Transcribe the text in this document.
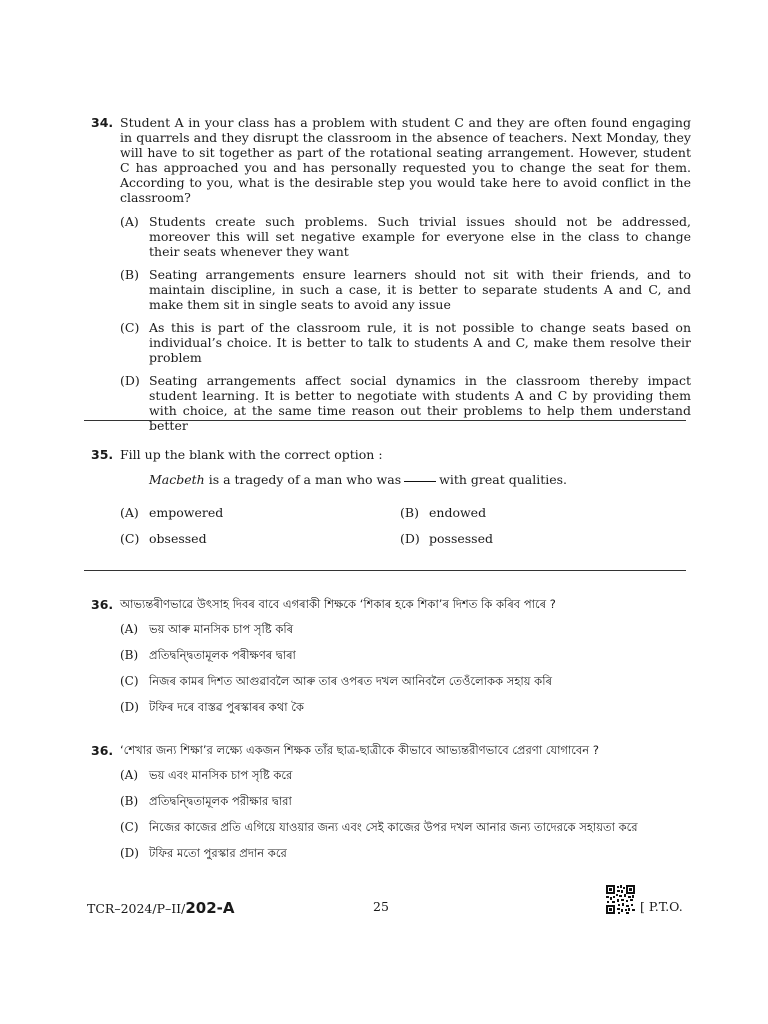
34. Student A in your class has a problem with student C and they are often found engaging in quarrels and they disrupt the classroom in the absence of teachers. Next Monday, they will have to sit together as part of the rotational seating arrangement. However, student C has approached you and has personally requested you to change the seat for them. According to you, what is the desirable step you would take here to avoid conflict in the classroom?
(A) Students create such problems. Such trivial issues should not be addressed, moreover this will set negative example for everyone else in the class to change their seats whenever they want
(B) Seating arrangements ensure learners should not sit with their friends, and to maintain discipline, in such a case, it is better to separate students A and C, and make them sit in single seats to avoid any issue
(C) As this is part of the classroom rule, it is not possible to change seats based on individual’s choice. It is better to talk to students A and C, make them resolve their problem
(D) Seating arrangements affect social dynamics in the classroom thereby impact student learning. It is better to negotiate with students A and C by providing them with choice, at the same time reason out their problems to help them understand better
35. Fill up the blank with the correct option :
Macbeth is a tragedy of a man who was	with great qualities.
(A) empowered	(B) endowed
(C) obsessed	(D) possessed
36. আভ্যন্তৰীণভাৱে উৎসাহ দিবৰ বাবে এগৰাকী শিক্ষকে ‘শিকাৰ হকে শিকা’ৰ দিশত কি কৰিব পাৰে ?
(A) ভয় আৰু মানসিক চাপ সৃষ্টি কৰি
(B) প্ৰতিদ্বন্দ্বিতামূলক পৰীক্ষণৰ দ্বাৰা
(C) নিজৰ কামৰ দিশত আগুৱাবলৈ আৰু তাৰ ওপৰত দখল আনিবলৈ তেওঁলোকক সহায় কৰি
(D) টফিৰ দৰে বাস্তৱ পুৰস্কাৰৰ কথা কৈ
36. ‘শেখার জন্য শিক্ষা’র লক্ষ্যে একজন শিক্ষক তাঁর ছাত্র-ছাত্রীকে কীভাবে আভ্যন্তরীণভাবে প্রেরণা যোগাবেন ?
(A) ভয় এবং মানসিক চাপ সৃষ্টি করে
(B) প্রতিদ্বন্দ্বিতামূলক পরীক্ষার দ্বারা
(C) নিজের কাজের প্রতি এগিয়ে যাওয়ার জন্য এবং সেই কাজের উপর দখল আনার জন্য তাদেরকে সহায়তা করে
(D) টফির মতো পুরস্কার প্রদান করে
TCR–2024/P–II/202-A	25	[ P.T.O.
